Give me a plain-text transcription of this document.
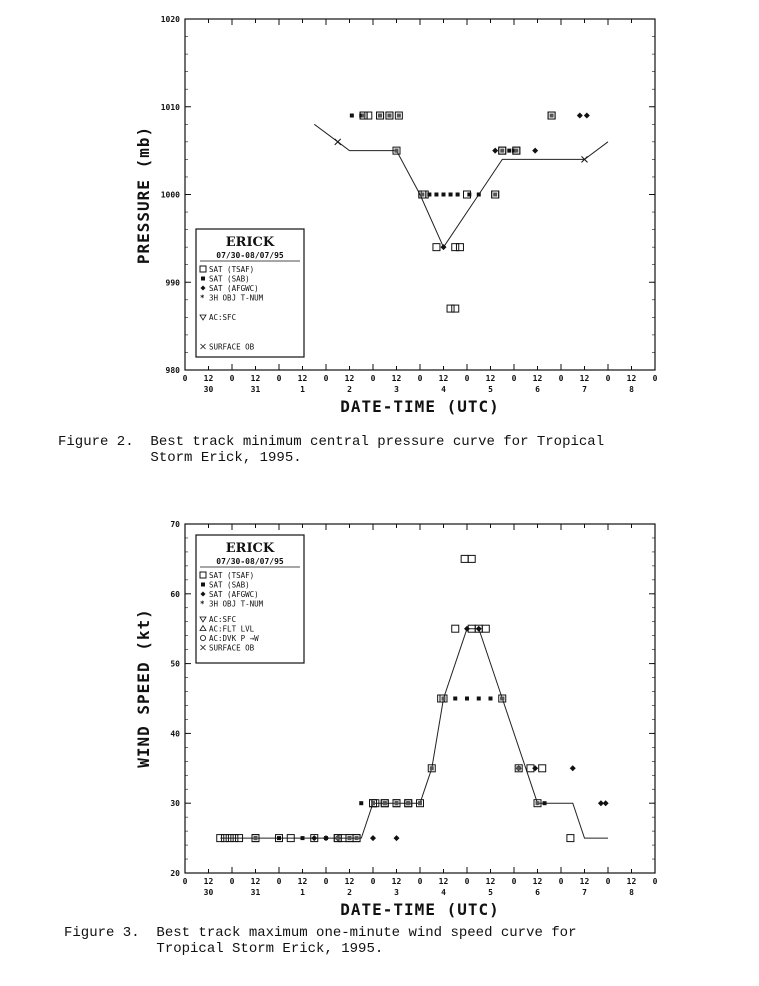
980
990
1000
1010
1020
0 12 0 12 0 12 0 12 0 12 0 12 0 12 0 12 0 12 0 12 0
30	31	1	2	3	4	5	6	7	8
DATE-TIME (UTC)
PRESSURE (mb)	ERICK
07/30-08/07/95
SAT (TSAF)
SAT (SAB)
SAT (AFGWC)
* 3H OBJ T-NUM
AC:SFC
SURFACE OB
20
30
40
50
60
70
0 12 0 12 0 12 0 12 0 12 0 12 0 12 0 12 0 12 0 12 0
30	31	1	2	3	4	5	6	7	8
DATE-TIME (UTC)
WIND SPEED (kt)
ERICK
07/30-08/07/95
SAT (TSAF)
SAT (SAB)
SAT (AFGWC)
* 3H OBJ T-NUM
AC:SFC
AC:FLT LVL
AC:DVK P →W
SURFACE OB
Figure 2.  Best track minimum central pressure curve for Tropical
Storm Erick, 1995.
Figure 3.  Best track maximum one-minute wind speed curve for
Tropical Storm Erick, 1995.
